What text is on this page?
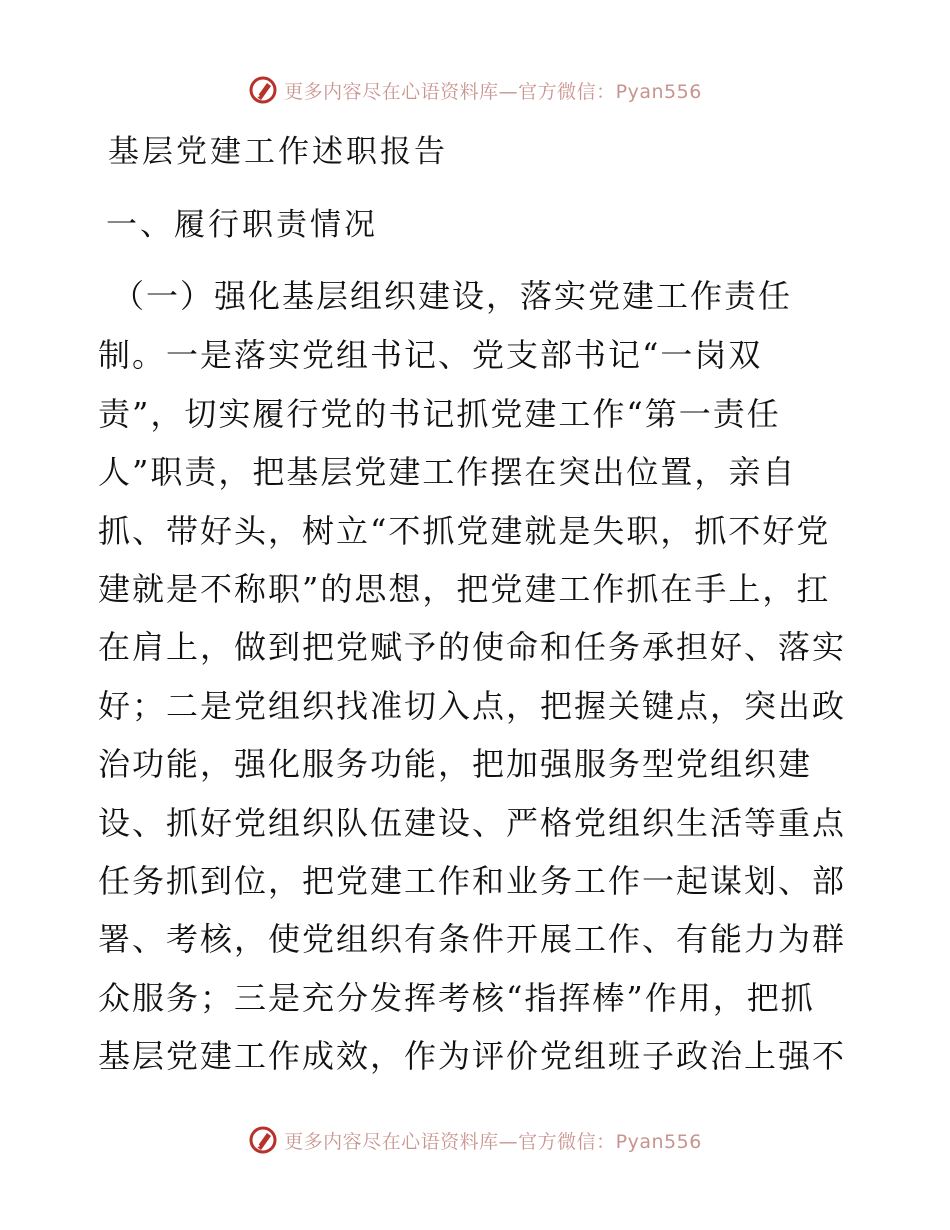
更多内容尽在心语资料库—官方微信：Pyan556
基层党建工作述职报告
一、履行职责情况
（一）强化基层组织建设，落实党建工作责任
制。一是落实党组书记、党支部书记“一岗双
责”，切实履行党的书记抓党建工作“第一责任
人”职责，把基层党建工作摆在突出位置，亲自
抓、带好头，树立“不抓党建就是失职，抓不好党
建就是不称职”的思想，把党建工作抓在手上，扛
在肩上，做到把党赋予的使命和任务承担好、落实
好；二是党组织找准切入点，把握关键点，突出政
治功能，强化服务功能，把加强服务型党组织建
设、抓好党组织队伍建设、严格党组织生活等重点
任务抓到位，把党建工作和业务工作一起谋划、部
署、考核，使党组织有条件开展工作、有能力为群
众服务；三是充分发挥考核“指挥棒”作用，把抓
基层党建工作成效，作为评价党组班子政治上强不
更多内容尽在心语资料库—官方微信：Pyan556
